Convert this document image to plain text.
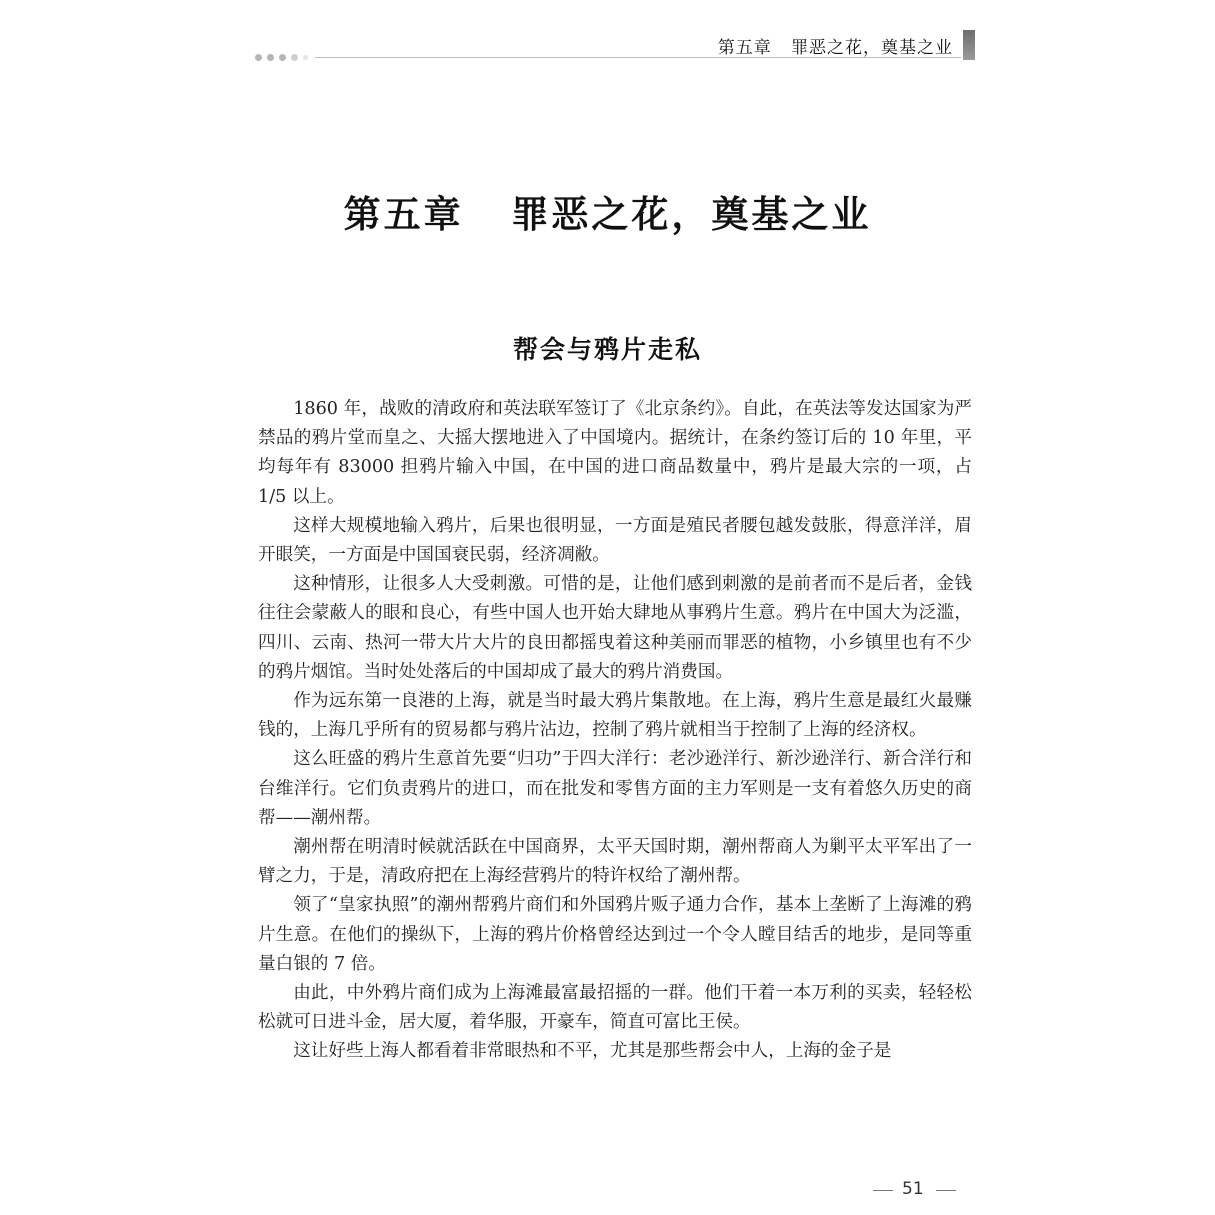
第五章   罪恶之花，奠基之业
第五章   罪恶之花，奠基之业
帮会与鸦片走私

1860 年，战败的清政府和英法联军签订了《北京条约》。自此，在英法等发达国家为严禁品的鸦片堂而皇之、大摇大摆地进入了中国境内。据统计，在条约签订后的 10 年里，平均每年有 83000 担鸦片输入中国，在中国的进口商品数量中，鸦片是最大宗的一项，占 1/5 以上。

这样大规模地输入鸦片，后果也很明显，一方面是殖民者腰包越发鼓胀，得意洋洋，眉开眼笑，一方面是中国国衰民弱，经济凋敝。

这种情形，让很多人大受刺激。可惜的是，让他们感到刺激的是前者而不是后者，金钱往往会蒙蔽人的眼和良心，有些中国人也开始大肆地从事鸦片生意。鸦片在中国大为泛滥，四川、云南、热河一带大片大片的良田都摇曳着这种美丽而罪恶的植物，小乡镇里也有不少的鸦片烟馆。当时处处落后的中国却成了最大的鸦片消费国。

作为远东第一良港的上海，就是当时最大鸦片集散地。在上海，鸦片生意是最红火最赚钱的，上海几乎所有的贸易都与鸦片沾边，控制了鸦片就相当于控制了上海的经济权。

这么旺盛的鸦片生意首先要“归功”于四大洋行：老沙逊洋行、新沙逊洋行、新合洋行和台维洋行。它们负责鸦片的进口，而在批发和零售方面的主力军则是一支有着悠久历史的商帮——潮州帮。

潮州帮在明清时候就活跃在中国商界，太平天国时期，潮州帮商人为剿平太平军出了一臂之力，于是，清政府把在上海经营鸦片的特许权给了潮州帮。

领了“皇家执照”的潮州帮鸦片商们和外国鸦片贩子通力合作，基本上垄断了上海滩的鸦片生意。在他们的操纵下，上海的鸦片价格曾经达到过一个令人瞠目结舌的地步，是同等重量白银的 7 倍。

由此，中外鸦片商们成为上海滩最富最招摇的一群。他们干着一本万利的买卖，轻轻松松就可日进斗金，居大厦，着华服，开豪车，简直可富比王侯。

这让好些上海人都看着非常眼热和不平，尤其是那些帮会中人，上海的金子是

51
